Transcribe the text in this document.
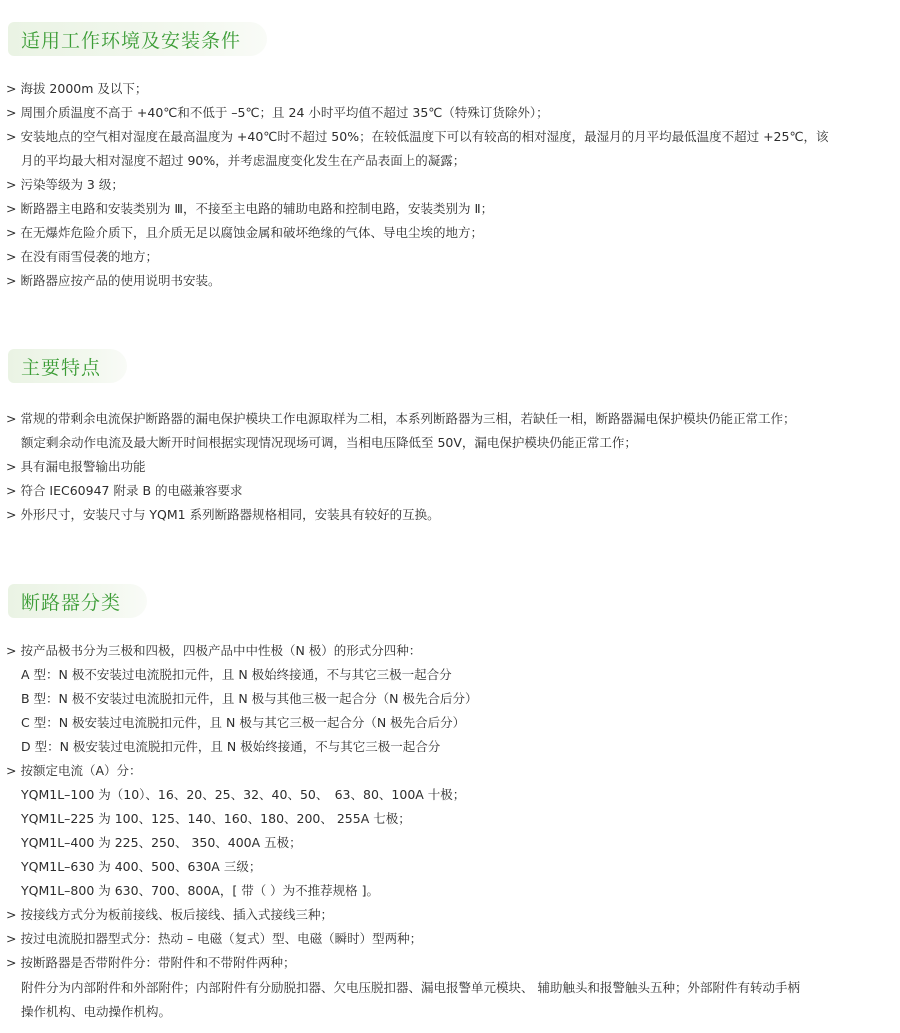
适用工作环境及安装条件
> 海拔 2000m 及以下；
> 周围介质温度不高于 +40℃和不低于 –5℃；且 24 小时平均值不超过 35℃（特殊订货除外）；
> 安装地点的空气相对湿度在最高温度为 +40℃时不超过 50%；在较低温度下可以有较高的相对湿度，最湿月的月平均最低温度不超过 +25℃，该
月的平均最大相对湿度不超过 90%，并考虑温度变化发生在产品表面上的凝露；
> 污染等级为 3 级；
> 断路器主电路和安装类别为 Ⅲ，不接至主电路的辅助电路和控制电路，安装类别为 Ⅱ；
> 在无爆炸危险介质下，且介质无足以腐蚀金属和破坏绝缘的气体、导电尘埃的地方；
> 在没有雨雪侵袭的地方；
> 断路器应按产品的使用说明书安装。
主要特点
> 常规的带剩余电流保护断路器的漏电保护模块工作电源取样为二相，本系列断路器为三相，若缺任一相，断路器漏电保护模块仍能正常工作；
额定剩余动作电流及最大断开时间根据实现情况现场可调，当相电压降低至 50V，漏电保护模块仍能正常工作；
> 具有漏电报警输出功能
> 符合 IEC60947 附录 B 的电磁兼容要求
> 外形尺寸，安装尺寸与 YQM1 系列断路器规格相同，安装具有较好的互换。
断路器分类
> 按产品极书分为三极和四极，四极产品中中性极（N 极）的形式分四种：
A 型：N 极不安装过电流脱扣元件，且 N 极始终接通，不与其它三极一起合分
B 型：N 极不安装过电流脱扣元件，且 N 极与其他三极一起合分（N 极先合后分）
C 型：N 极安装过电流脱扣元件，且 N 极与其它三极一起合分（N 极先合后分）
D 型：N 极安装过电流脱扣元件，且 N 极始终接通，不与其它三极一起合分
> 按额定电流（A）分：
YQM1L–100 为（10）、16、20、25、32、40、50、　63、80、100A 十极；
YQM1L–225 为 100、125、140、160、180、200、 255A 七极；
YQM1L–400 为 225、250、 350、400A 五极；
YQM1L–630 为 400、500、630A 三级；
YQM1L–800 为 630、700、800A，[ 带（ ）为不推荐规格 ]。
> 按接线方式分为板前接线、板后接线、插入式接线三种；
> 按过电流脱扣器型式分：热动 – 电磁（复式）型、电磁（瞬时）型两种；
> 按断路器是否带附件分：带附件和不带附件两种；
附件分为内部附件和外部附件；内部附件有分励脱扣器、欠电压脱扣器、漏电报警单元模块、 辅助触头和报警触头五种；外部附件有转动手柄
操作机构、电动操作机构。
